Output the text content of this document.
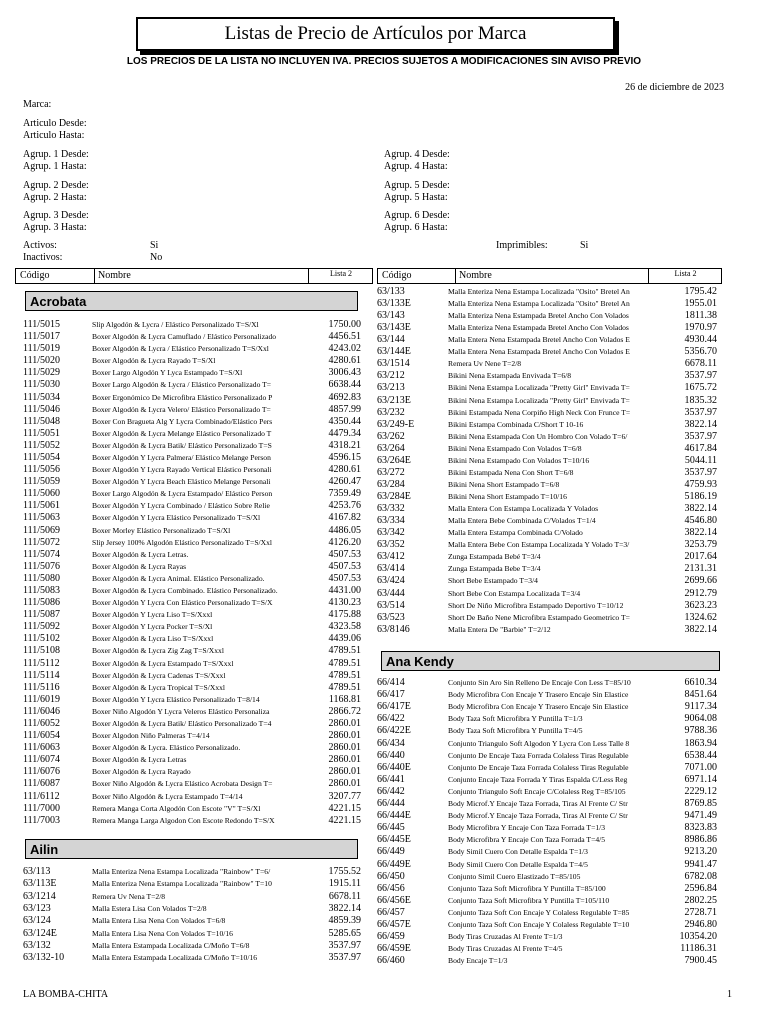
Listas de Precio de Artículos por Marca
LOS PRECIOS DE LA LISTA NO INCLUYEN IVA. PRECIOS SUJETOS A MODIFICACIONES SIN AVISO PREVIO
26 de diciembre de 2023
Marca:
Articulo Desde:
Articulo Hasta:
Agrup. 1 Desde:
Agrup. 1 Hasta:
Agrup. 2 Desde:
Agrup. 2 Hasta:
Agrup. 3 Desde:
Agrup. 3 Hasta:
Agrup. 4 Desde:
Agrup. 4 Hasta:
Agrup. 5 Desde:
Agrup. 5 Hasta:
Agrup. 6 Desde:
Agrup. 6 Hasta:
Activos:	Si
Inactivos:	No
Imprimibles:	Si
Código	Nombre	Lista 2	Código	Nombre	Lista 2
Acrobata
Ailin
Ana Kendy
111/5015	Slip Algodón & Lycra / Elástico Personalizado T=S/Xl	1750.00
111/5017	Boxer Algodón & Lycra Camuflado / Elástico Personalizado	4456.51
111/5019	Boxer Algodón & Lycra / Elástico Personalizado T=S/Xxl	4243.02
111/5020	Boxer Algodón & Lycra Rayado T=S/Xl	4280.61
111/5029	Boxer Largo Algodón Y Lyca Estampado T=S/Xl	3006.43
111/5030	Boxer Largo Algodón & Lycra / Elástico Personalizado T=	6638.44
111/5034	Boxer Ergonómico De Microfibra Elástico Personalizado P	4692.83
111/5046	Boxer Algodón & Lycra Velero/ Elástico Personalizado T=	4857.99
111/5048	Boxer Con Bragueta Alg Y Lycra Combinado/Elástico Pers	4350.44
111/5051	Boxer Algodón & Lycra Melange Elástico Personalizado T	4479.34
111/5052	Boxer Algodón & Lycra Batik/ Elástico Personalizado T=S	4318.21
111/5054	Boxer Algodón Y Lycra Palmera/ Elástico Melange Person	4596.15
111/5056	Boxer Algodón Y Lycra Rayado Vertical Elástico Personali	4280.61
111/5059	Boxer Algodón Y Lycra Beach Elástico Melange Personali	4260.47
111/5060	Boxer Largo Algodón & Lycra Estampado/ Elástico Person	7359.49
111/5061	Boxer Algodón Y Lycra Combinado / Elástico Sobre Relie	4253.76
111/5063	Boxer Algodón Y Lycra Elástico Personalizado T=S/Xl	4167.82
111/5069	Boxer Morley Elástico Personalizado T=S/Xl	4486.05
111/5072	Slip Jersey 100% Algodón Elástico Personalizado T=S/Xxl	4126.20
111/5074	Boxer Algodón & Lycra Letras.	4507.53
111/5076	Boxer Algodón & Lycra Rayas	4507.53
111/5080	Boxer Algodón & Lycra Animal. Elástico Personalizado.	4507.53
111/5083	Boxer Algodón & Lycra Combinado. Elástico Personalizado.	4431.00
111/5086	Boxer Algodón Y Lycra Con Elástico Personalizado T=S/X	4130.23
111/5087	Boxer Algodón Y Lycra Liso T=S/Xxxl	4175.88
111/5092	Boxer Algodón Y Lycra Pocker T=S/Xl	4323.58
111/5102	Boxer Algodón & Lycra Liso T=S/Xxxl	4439.06
111/5108	Boxer Algodón & Lycra Zig Zag T=S/Xxxl	4789.51
111/5112	Boxer Algodón & Lycra Estampado T=S/Xxxl	4789.51
111/5114	Boxer Algodón & Lycra Cadenas T=S/Xxxl	4789.51
111/5116	Boxer Algodón & Lycra Tropical T=S/Xxxl	4789.51
111/6019	Boxer Algodón Y Lycra Elástico Personalizado T=8/14	1168.81
111/6046	Boxer Niño Algodón Y Lycra Veleros Elástico Personaliza	2866.72
111/6052	Boxer Algodón & Lycra Batik/ Elástico Personalizado T=4	2860.01
111/6054	Boxer Algodon Niño Palmeras T=4/14	2860.01
111/6063	Boxer Algodón & Lycra. Elástico Personalizado.	2860.01
111/6074	Boxer Algodón & Lycra Letras	2860.01
111/6076	Boxer Algodón & Lycra Rayado	2860.01
111/6087	Boxer Niño Algodón & Lycra Elástico Acrobata Design T=	2860.01
111/6112	Boxer Niño Algodón & Lycra Estampado T=4/14	3207.77
111/7000	Remera Manga Corta Algodón Con Escote "V" T=S/Xl	4221.15
111/7003	Remera Manga Larga Algodon Con Escote Redondo T=S/X	4221.15
63/113	Malla Enteriza Nena Estampa Localizada "Rainbow" T=6/	1755.52
63/113E	Malla Enteriza Nena Estampa Localizada "Rainbow" T=10	1915.11
63/1214	Remera Uv Nena T=2/8	6678.11
63/123	Malla Estera Lisa Con Volados T=2/8	3822.14
63/124	Malla Entera Lisa Nena Con Volados T=6/8	4859.39
63/124E	Malla Entera Lisa Nena Con Volados T=10/16	5285.65
63/132	Malla Entera Estampada Localizada C/Moño T=6/8	3537.97
63/132-10	Malla Entera Estampada Localizada C/Moño T=10/16	3537.97
63/133	Malla Enteriza Nena Estampa Localizada "Osito" Bretel An	1795.42
63/133E	Malla Enteriza Nena Estampa Localizada "Osito" Bretel An	1955.01
63/143	Malla Enteriza Nena Estampada Bretel Ancho Con Volados	1811.38
63/143E	Malla Enteriza Nena Estampada Bretel Ancho Con Volados	1970.97
63/144	Malla Entera Nena Estampada Bretel Ancho Con Volados E	4930.44
63/144E	Malla Entera Nena Estampada Bretel Ancho Con Volados E	5356.70
63/1514	Remera Uv Nene T=2/8	6678.11
63/212	Bikini Nena Estampada Envivada T=6/8	3537.97
63/213	Bikini Nena Estampa Localizada "Pretty Girl" Envivada T=	1675.72
63/213E	Bikini Nena Estampa Localizada "Pretty Girl" Envivada T=	1835.32
63/232	Bikini Estampada Nena Corpiño High Neck Con Frunce T=	3537.97
63/249-E	Bikini Estampa Combinada C/Short T 10-16	3822.14
63/262	Bikini Nena Estampada Con Un Hombro Con Volado T=6/	3537.97
63/264	Bikini Nena Estampado Con Volados T=6/8	4617.84
63/264E	Bikini Nena Estampado Con Volados T=10/16	5044.11
63/272	Bikini Estampada Nena Con Short T=6/8	3537.97
63/284	Bikini Nena Short Estampado T=6/8	4759.93
63/284E	Bikini Nena Short Estampado T=10/16	5186.19
63/332	Malla Entera Con Estampa Localizada Y Volados	3822.14
63/334	Malla Entera Bebe Combinada C/Volados T=1/4	4546.80
63/342	Malla Entera Estampa Combinada C/Volado	3822.14
63/352	Malla Entera Bebe Con Estampa Localizada Y Volado T=3/	3253.79
63/412	Zunga Estampada Bebé T=3/4	2017.64
63/414	Zunga Estampada Bebe T=3/4	2131.31
63/424	Short Bebe Estampado T=3/4	2699.66
63/444	Short Bebe Con Estampa Localizada T=3/4	2912.79
63/514	Short De Niño Microfibra Estampado Deportivo T=10/12	3623.23
63/523	Short De Baño Nene Microfibra Estampado Geometrico T=	1324.62
63/8146	Malla Entera De "Barbie" T=2/12	3822.14
66/414	Conjunto Sin Aro Sin Relleno De Encaje Con Less T=85/10	6610.34
66/417	Body Microfibra Con Encaje Y Trasero Encaje Sin Elastice	8451.64
66/417E	Body Microfibra Con Encaje Y Trasero Encaje Sin Elastice	9117.34
66/422	Body Taza Soft Microfibra Y Puntilla T=1/3	9064.08
66/422E	Body Taza Soft Microfibra Y Puntilla T=4/5	9788.36
66/434	Conjunto Triangulo Soft Algodon Y Lycra Con Less Talle 8	1863.94
66/440	Conjunto De Encaje Taza Forrada Colaless Tiras Regulable	6538.44
66/440E	Conjunto De Encaje Taza Forrada Colaless Tiras Regulable	7071.00
66/441	Conjunto Encaje Taza Forrada Y Tiras Espalda C/Less Reg	6971.14
66/442	Conjunto Triangulo Soft Encaje C/Colaless Reg T=85/105	2229.12
66/444	Body Microf.Y Encaje Taza Forrada, Tiras Al Frente C/ Str	8769.85
66/444E	Body Microf.Y Encaje Taza Forrada, Tiras Al Frente C/ Str	9471.49
66/445	Body Microfibra Y Encaje Con Taza Forrada T=1/3	8323.83
66/445E	Body Microfibra Y Encaje Con Taza Forrada T=4/5	8986.86
66/449	Body Simil Cuero Con Detalle Espalda T=1/3	9213.20
66/449E	Body Simil Cuero Con Detalle Espalda T=4/5	9941.47
66/450	Conjunto Simil Cuero Elastizado T=85/105	6782.08
66/456	Conjunto Taza Soft Microfibra Y Puntilla T=85/100	2596.84
66/456E	Conjunto Taza Soft Microfibra Y Puntilla T=105/110	2802.25
66/457	Conjunto Taza Soft Con Encaje Y Colaless Regulable T=85	2728.71
66/457E	Conjunto Taza Soft Con Encaje Y Colaless Regulable T=10	2946.80
66/459	Body Tiras Cruzadas Al Frente T=1/3	10354.20
66/459E	Body Tiras Cruzadas Al Frente T=4/5	11186.31
66/460	Body Encaje T=1/3	7900.45
LA BOMBA-CHITA	1
